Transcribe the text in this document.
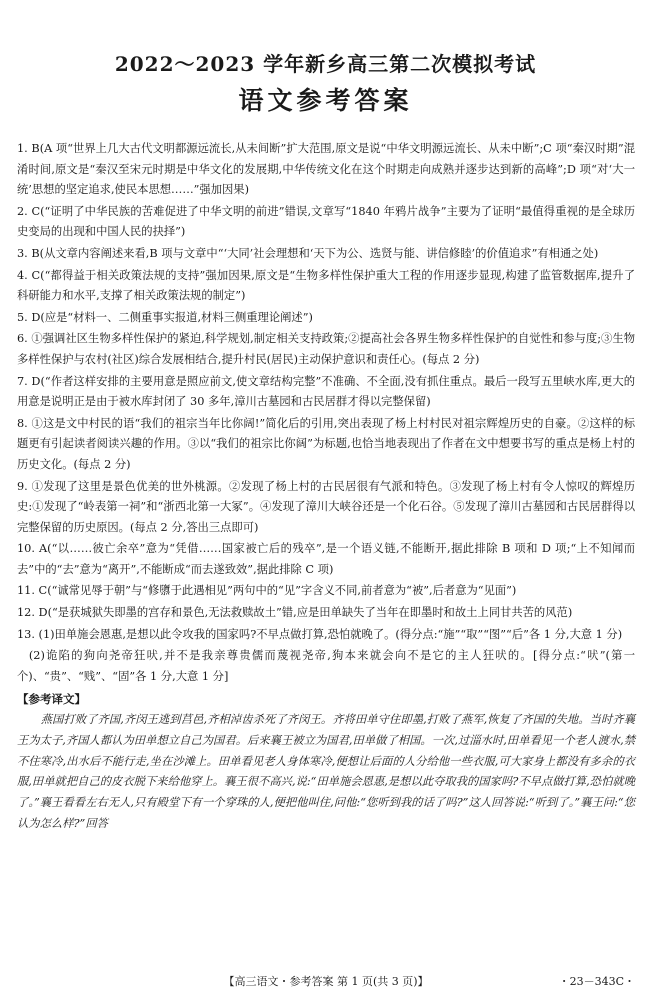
2022～2023 学年新乡高三第二次模拟考试
语文参考答案
1. B(A 项“世界上几大古代文明都源远流长,从未间断”扩大范围,原文是说“中华文明源远流长、从未中断”;C 项“秦汉时期”混淆时间,原文是“秦汉至宋元时期是中华文化的发展期,中华传统文化在这个时期走向成熟并逐步达到新的高峰”;D 项“对‘大一统’思想的坚定追求,使民本思想……”强加因果)
2. C(“证明了中华民族的苦难促进了中华文明的前进”错误,文章写“1840 年鸦片战争”主要为了证明“最值得重视的是全球历史变局的出现和中国人民的抉择”)
3. B(从文章内容阐述来看,B 项与文章中“‘大同’社会理想和‘天下为公、选贤与能、讲信修睦’的价值追求”有相通之处)
4. C(“都得益于相关政策法规的支持”强加因果,原文是“生物多样性保护重大工程的作用逐步显现,构建了监管数据库,提升了科研能力和水平,支撑了相关政策法规的制定”)
5. D(应是“材料一、二侧重事实报道,材料三侧重理论阐述”)
6. ①强调社区生物多样性保护的紧迫,科学规划,制定相关支持政策;②提高社会各界生物多样性保护的自觉性和参与度;③生物多样性保护与农村(社区)综合发展相结合,提升村民(居民)主动保护意识和责任心。(每点 2 分)
7. D(“作者这样安排的主要用意是照应前文,使文章结构完整”不准确、不全面,没有抓住重点。最后一段写五里峡水库,更大的用意是说明正是由于被水库封闭了 30 多年,漳川古墓园和古民居群才得以完整保留)
8. ①这是文中村民的语“我们的祖宗当年比你阔!”简化后的引用,突出表现了杨上村村民对祖宗辉煌历史的自豪。②这样的标题更有引起读者阅读兴趣的作用。③以“我们的祖宗比你阔”为标题,也恰当地表现出了作者在文中想要书写的重点是杨上村的历史文化。(每点 2 分)
9. ①发现了这里是景色优美的世外桃源。②发现了杨上村的古民居很有气派和特色。③发现了杨上村有令人惊叹的辉煌历史:①发现了“岭表第一祠”和“浙西北第一大冢”。④发现了漳川大峡谷还是一个化石谷。⑤发现了漳川古墓园和古民居群得以完整保留的历史原因。(每点 2 分,答出三点即可)
10. A(“以……彼亡余卒”意为“凭借……国家被亡后的残卒”,是一个语义链,不能断开,据此排除 B 项和 D 项;“上不知闻而去”中的“去”意为“离开”,不能断成“而去遂致效”,据此排除 C 项)
11. C(“诚常见辱于朝”与“修隳于此遇相见”两句中的“见”字含义不同,前者意为“被”,后者意为“见面”)
12. D(“是获城狱失即墨的宫存和景色,无法救赎故土”错,应是田单缺失了当年在即墨时和故土上同甘共苦的风范)
13. (1)田单施会恩惠,是想以此令攻我的国家吗?不早点做打算,恐怕就晚了。(得分点:“施”“取”“图”“后”各 1 分,大意 1 分)
(2)诡陷的狗向尧帝狂吠,并不是我亲尊贵儒而蔑视尧帝,狗本来就会向不是它的主人狂吠的。[得分点:“吠”(第一个)、“贵”、“贱”、“固”各 1 分,大意 1 分]
【参考译文】
燕国打败了齐国,齐闵王逃到莒邑,齐相淖齿杀死了齐闵王。齐将田单守住即墨,打败了燕军,恢复了齐国的失地。当时齐襄王为太子,齐国人都认为田单想立自己为国君。后来襄王被立为国君,田单做了相国。一次,过淄水时,田单看见一个老人渡水,禁不住寒冷,出水后不能行走,坐在沙滩上。田单看见老人身体寒冷,便想让后面的人分给他一些衣服,可大家身上都没有多余的衣服,田单就把自己的皮衣脱下来给他穿上。襄王很不高兴,说:“田单施会恩惠,是想以此夺取我的国家吗?不早点做打算,恐怕就晚了。”襄王看看左右无人,只有殿堂下有一个穿珠的人,便把他叫住,问他:“您听到我的话了吗?”这人回答说:“听到了。”襄王问:“您认为怎么样?”回答
【高三语文・参考答案 第 1 页(共 3 页)】	・23－343C・
